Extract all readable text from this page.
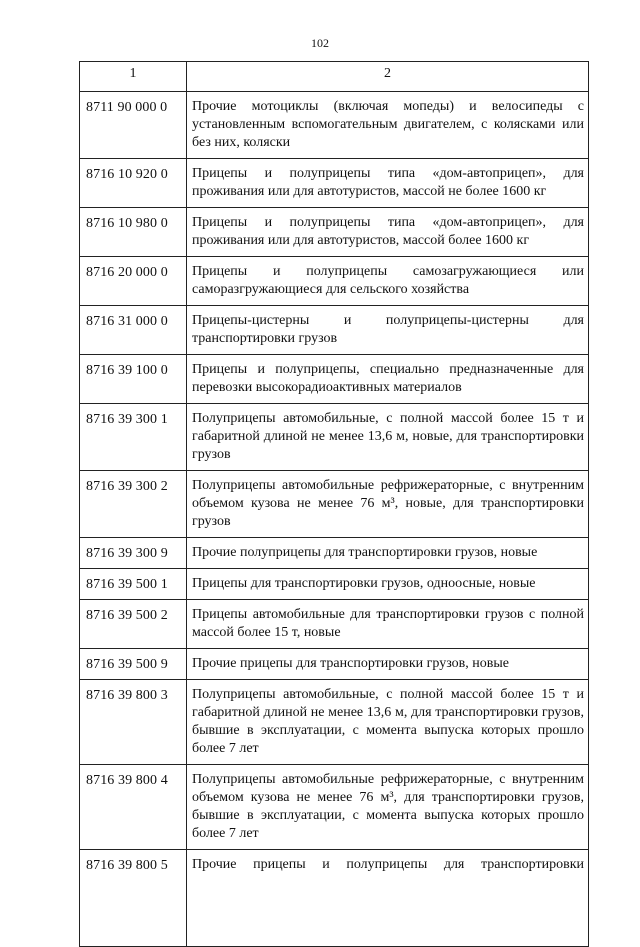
102
1	2
8711 90 000 0	Прочие мотоциклы (включая мопеды) и велосипеды с установленным вспомогательным двигателем, с колясками или без них, коляски
8716 10 920 0	Прицепы и полуприцепы типа «дом-автоприцеп», для проживания или для автотуристов, массой не более 1600 кг
8716 10 980 0	Прицепы и полуприцепы типа «дом-автоприцеп», для проживания или для автотуристов, массой более 1600 кг
8716 20 000 0	Прицепы и полуприцепы самозагружающиеся или саморазгружающиеся для сельского хозяйства
8716 31 000 0	Прицепы-цистерны и полуприцепы-цистерны для транспортировки грузов
8716 39 100 0	Прицепы и полуприцепы, специально предназначенные для перевозки высокорадиоактивных материалов
8716 39 300 1	Полуприцепы автомобильные, с полной массой более 15 т и габаритной длиной не менее 13,6 м, новые, для транспортировки грузов
8716 39 300 2	Полуприцепы автомобильные рефрижераторные, с внутренним объемом кузова не менее 76 м³, новые, для транспортировки грузов
8716 39 300 9	Прочие полуприцепы для транспортировки грузов, новые
8716 39 500 1	Прицепы для транспортировки грузов, одноосные, новые
8716 39 500 2	Прицепы автомобильные для транспортировки грузов с полной массой более 15 т, новые
8716 39 500 9	Прочие прицепы для транспортировки грузов, новые
8716 39 800 3	Полуприцепы автомобильные, с полной массой более 15 т и габаритной длиной не менее 13,6 м, для транспортировки грузов, бывшие в эксплуатации, с момента выпуска которых прошло более 7 лет
8716 39 800 4	Полуприцепы автомобильные рефрижераторные, с внутренним объемом кузова не менее 76 м³, для транспортировки грузов, бывшие в эксплуатации, с момента выпуска которых прошло более 7 лет
8716 39 800 5	Прочие прицепы и полуприцепы для транспортировки
